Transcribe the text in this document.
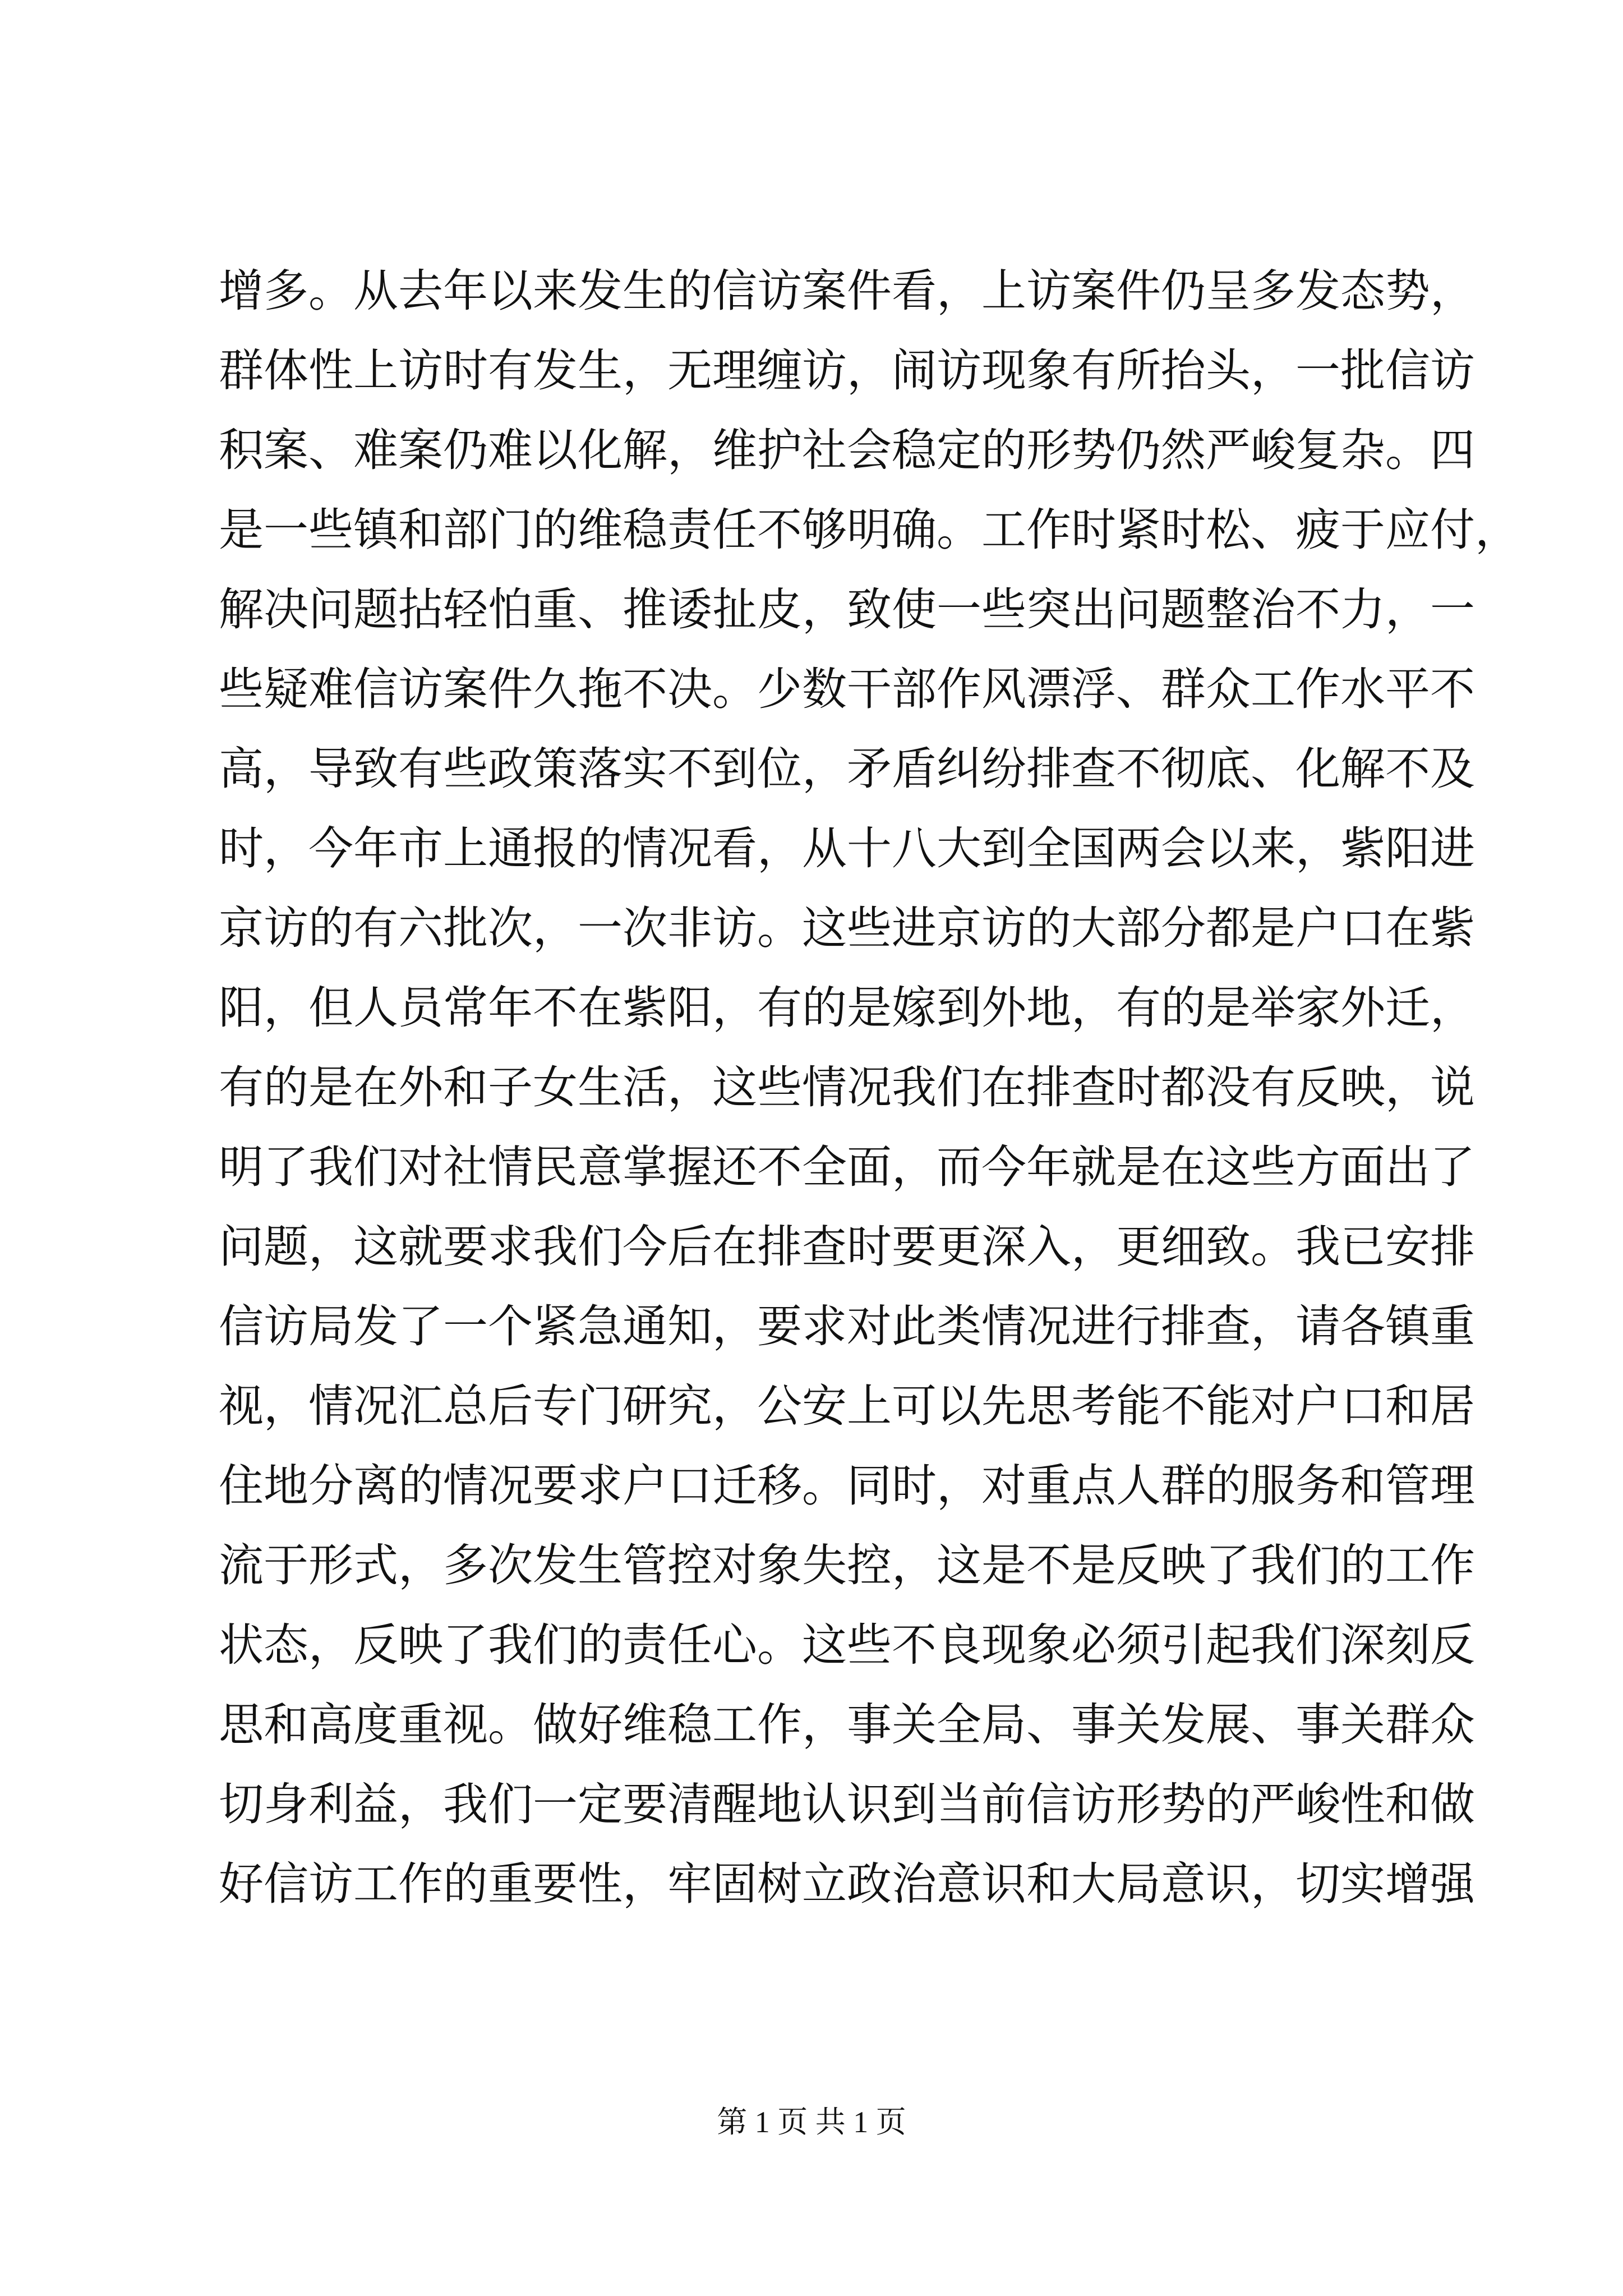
增多。从去年以来发生的信访案件看，上访案件仍呈多发态势，
群体性上访时有发生，无理缠访，闹访现象有所抬头，一批信访
积案、难案仍难以化解，维护社会稳定的形势仍然严峻复杂。四
是一些镇和部门的维稳责任不够明确。工作时紧时松、疲于应付，
解决问题拈轻怕重、推诿扯皮，致使一些突出问题整治不力，一
些疑难信访案件久拖不决。少数干部作风漂浮、群众工作水平不
高，导致有些政策落实不到位，矛盾纠纷排查不彻底、化解不及
时，今年市上通报的情况看，从十八大到全国两会以来，紫阳进
京访的有六批次，一次非访。这些进京访的大部分都是户口在紫
阳，但人员常年不在紫阳，有的是嫁到外地，有的是举家外迁，
有的是在外和子女生活，这些情况我们在排查时都没有反映，说
明了我们对社情民意掌握还不全面，而今年就是在这些方面出了
问题，这就要求我们今后在排查时要更深入，更细致。我已安排
信访局发了一个紧急通知，要求对此类情况进行排查，请各镇重
视，情况汇总后专门研究，公安上可以先思考能不能对户口和居
住地分离的情况要求户口迁移。同时，对重点人群的服务和管理
流于形式，多次发生管控对象失控，这是不是反映了我们的工作
状态，反映了我们的责任心。这些不良现象必须引起我们深刻反
思和高度重视。做好维稳工作，事关全局、事关发展、事关群众
切身利益，我们一定要清醒地认识到当前信访形势的严峻性和做
好信访工作的重要性，牢固树立政治意识和大局意识，切实增强
第 1 页 共 1 页
